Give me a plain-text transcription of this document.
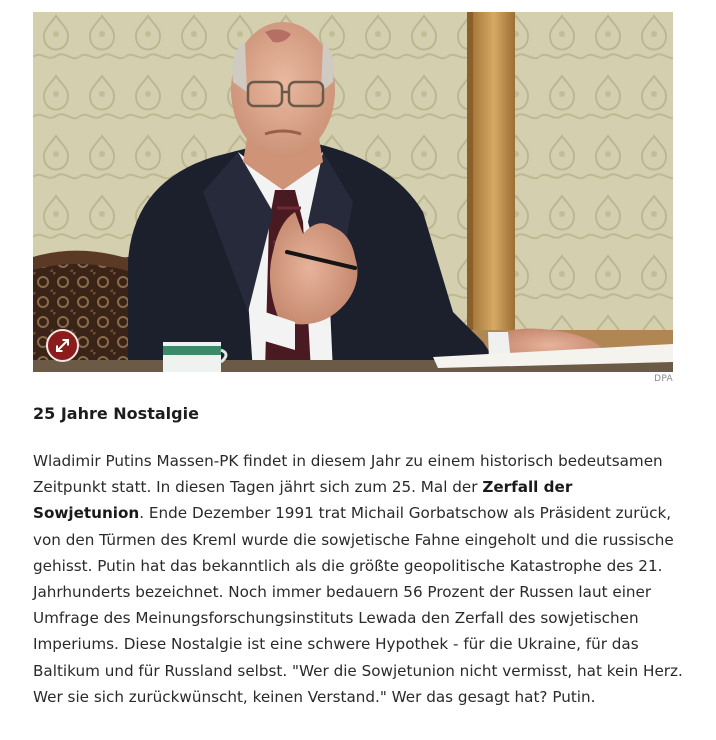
DPA
25 Jahre Nostalgie

Wladimir Putins Massen-PK findet in diesem Jahr zu einem historisch bedeutsamen Zeitpunkt statt. In diesen Tagen jährt sich zum 25. Mal der Zerfall der Sowjetunion. Ende Dezember 1991 trat Michail Gorbatschow als Präsident zurück, von den Türmen des Kreml wurde die sowjetische Fahne eingeholt und die russische gehisst. Putin hat das bekanntlich als die größte geopolitische Katastrophe des 21. Jahrhunderts bezeichnet. Noch immer bedauern 56 Prozent der Russen laut einer Umfrage des Meinungsforschungsinstituts Lewada den Zerfall des sowjetischen Imperiums. Diese Nostalgie ist eine schwere Hypothek - für die Ukraine, für das Baltikum und für Russland selbst. "Wer die Sowjetunion nicht vermisst, hat kein Herz. Wer sie sich zurückwünscht, keinen Verstand." Wer das gesagt hat? Putin.
